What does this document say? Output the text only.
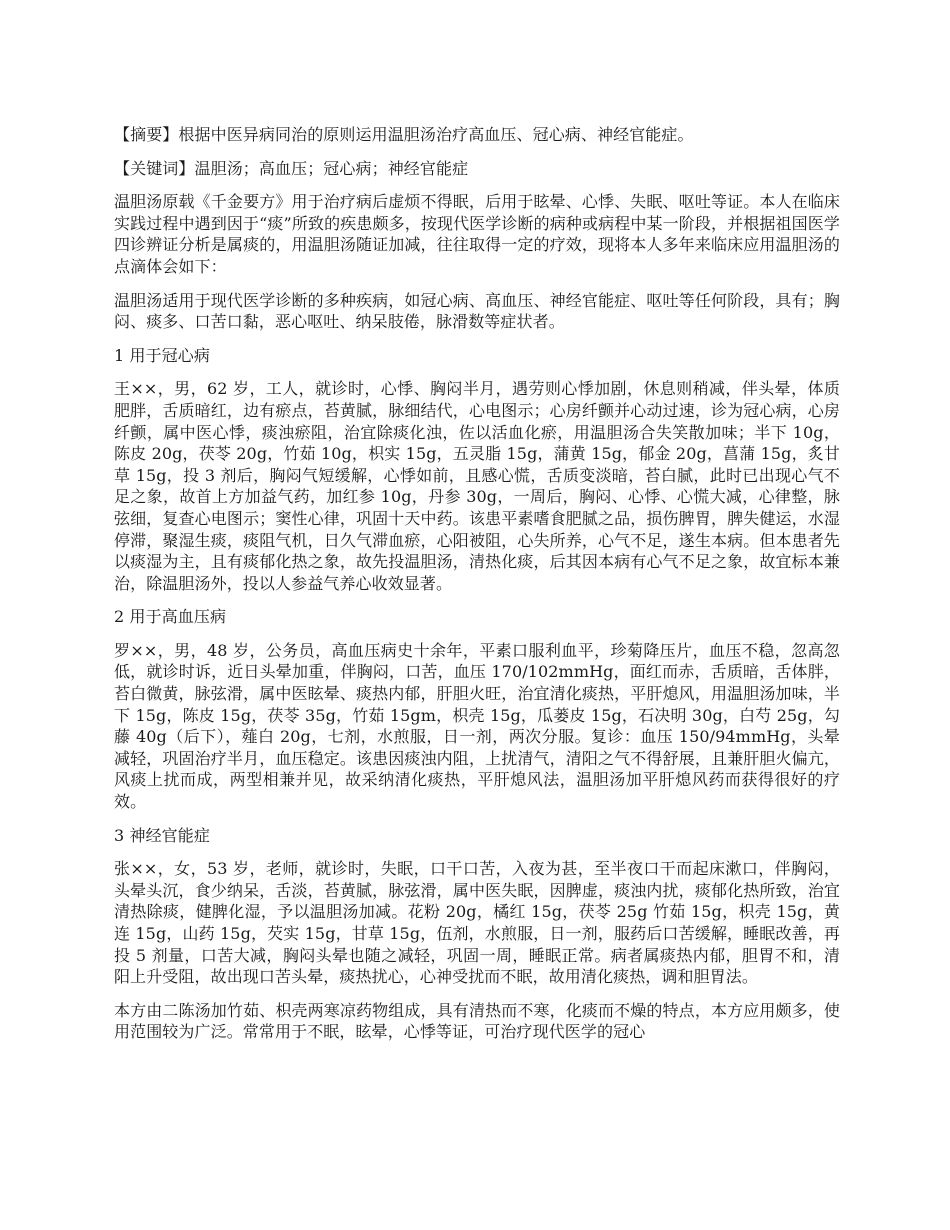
【摘要】根据中医异病同治的原则运用温胆汤治疗高血压、冠心病、神经官能症。

【关键词】温胆汤；高血压；冠心病；神经官能症

温胆汤原载《千金要方》用于治疗病后虚烦不得眠，后用于眩晕、心悸、失眠、呕吐等证。本人在临床实践过程中遇到因于“痰”所致的疾患颇多，按现代医学诊断的病种或病程中某一阶段，并根据祖国医学四诊辨证分析是属痰的，用温胆汤随证加减，往往取得一定的疗效，现将本人多年来临床应用温胆汤的点滴体会如下：

温胆汤适用于现代医学诊断的多种疾病，如冠心病、高血压、神经官能症、呕吐等任何阶段，具有；胸闷、痰多、口苦口黏，恶心呕吐、纳呆肢倦，脉滑数等症状者。

1 用于冠心病

王××，男，62 岁，工人，就诊时，心悸、胸闷半月，遇劳则心悸加剧，休息则稍减，伴头晕，体质肥胖，舌质暗红，边有瘀点，苔黄腻，脉细结代，心电图示；心房纤颤并心动过速，诊为冠心病，心房纤颤，属中医心悸，痰浊瘀阻，治宜除痰化浊，佐以活血化瘀，用温胆汤合失笑散加味；半下 10g，陈皮 20g，茯苓 20g，竹茹 10g，枳实 15g，五灵脂 15g，蒲黄 15g，郁金 20g，菖蒲 15g，炙甘草 15g，投 3 剂后，胸闷气短缓解，心悸如前，且感心慌，舌质变淡暗，苔白腻，此时已出现心气不足之象，故首上方加益气药，加红参 10g，丹参 30g，一周后，胸闷、心悸、心慌大减，心律整，脉弦细，复查心电图示；窦性心律，巩固十天中药。该患平素嗜食肥腻之品，损伤脾胃，脾失健运，水湿停滞，聚湿生痰，痰阻气机，日久气滞血瘀，心阳被阻，心失所养，心气不足，遂生本病。但本患者先以痰湿为主，且有痰郁化热之象，故先投温胆汤，清热化痰，后其因本病有心气不足之象，故宜标本兼治，除温胆汤外，投以人参益气养心收效显著。

2 用于高血压病

罗××，男，48 岁，公务员，高血压病史十余年，平素口服利血平，珍菊降压片，血压不稳，忽高忽低，就诊时诉，近日头晕加重，伴胸闷，口苦，血压 170/102mmHg，面红而赤，舌质暗，舌体胖，苔白微黄，脉弦滑，属中医眩晕、痰热内郁，肝胆火旺，治宜清化痰热，平肝熄风，用温胆汤加味，半下 15g，陈皮 15g，茯苓 35g，竹茹 15gm，枳壳 15g，瓜蒌皮 15g，石决明 30g，白芍 25g，勾藤 40g（后下），薤白 20g，七剂，水煎服，日一剂，两次分服。复诊：血压 150/94mmHg，头晕减轻，巩固治疗半月，血压稳定。该患因痰浊内阻，上扰清气，清阳之气不得舒展，且兼肝胆火偏亢，风痰上扰而成，两型相兼并见，故采纳清化痰热，平肝熄风法，温胆汤加平肝熄风药而获得很好的疗效。

3 神经官能症

张××，女，53 岁，老师，就诊时，失眠，口干口苦，入夜为甚，至半夜口干而起床漱口，伴胸闷，头晕头沉，食少纳呆，舌淡，苔黄腻，脉弦滑，属中医失眠，因脾虚，痰浊内扰，痰郁化热所致，治宜清热除痰，健脾化湿，予以温胆汤加减。花粉 20g，橘红 15g，茯苓 25g 竹茹 15g，枳壳 15g，黄连 15g，山药 15g，芡实 15g，甘草 15g，伍剂，水煎服，日一剂，服药后口苦缓解，睡眠改善，再投 5 剂量，口苦大减，胸闷头晕也随之减轻，巩固一周，睡眠正常。病者属痰热内郁，胆胃不和，清阳上升受阻，故出现口苦头晕，痰热扰心，心神受扰而不眠，故用清化痰热，调和胆胃法。

本方由二陈汤加竹茹、枳壳两寒凉药物组成，具有清热而不寒，化痰而不燥的特点，本方应用颇多，使用范围较为广泛。常常用于不眠，眩晕，心悸等证，可治疗现代医学的冠心
